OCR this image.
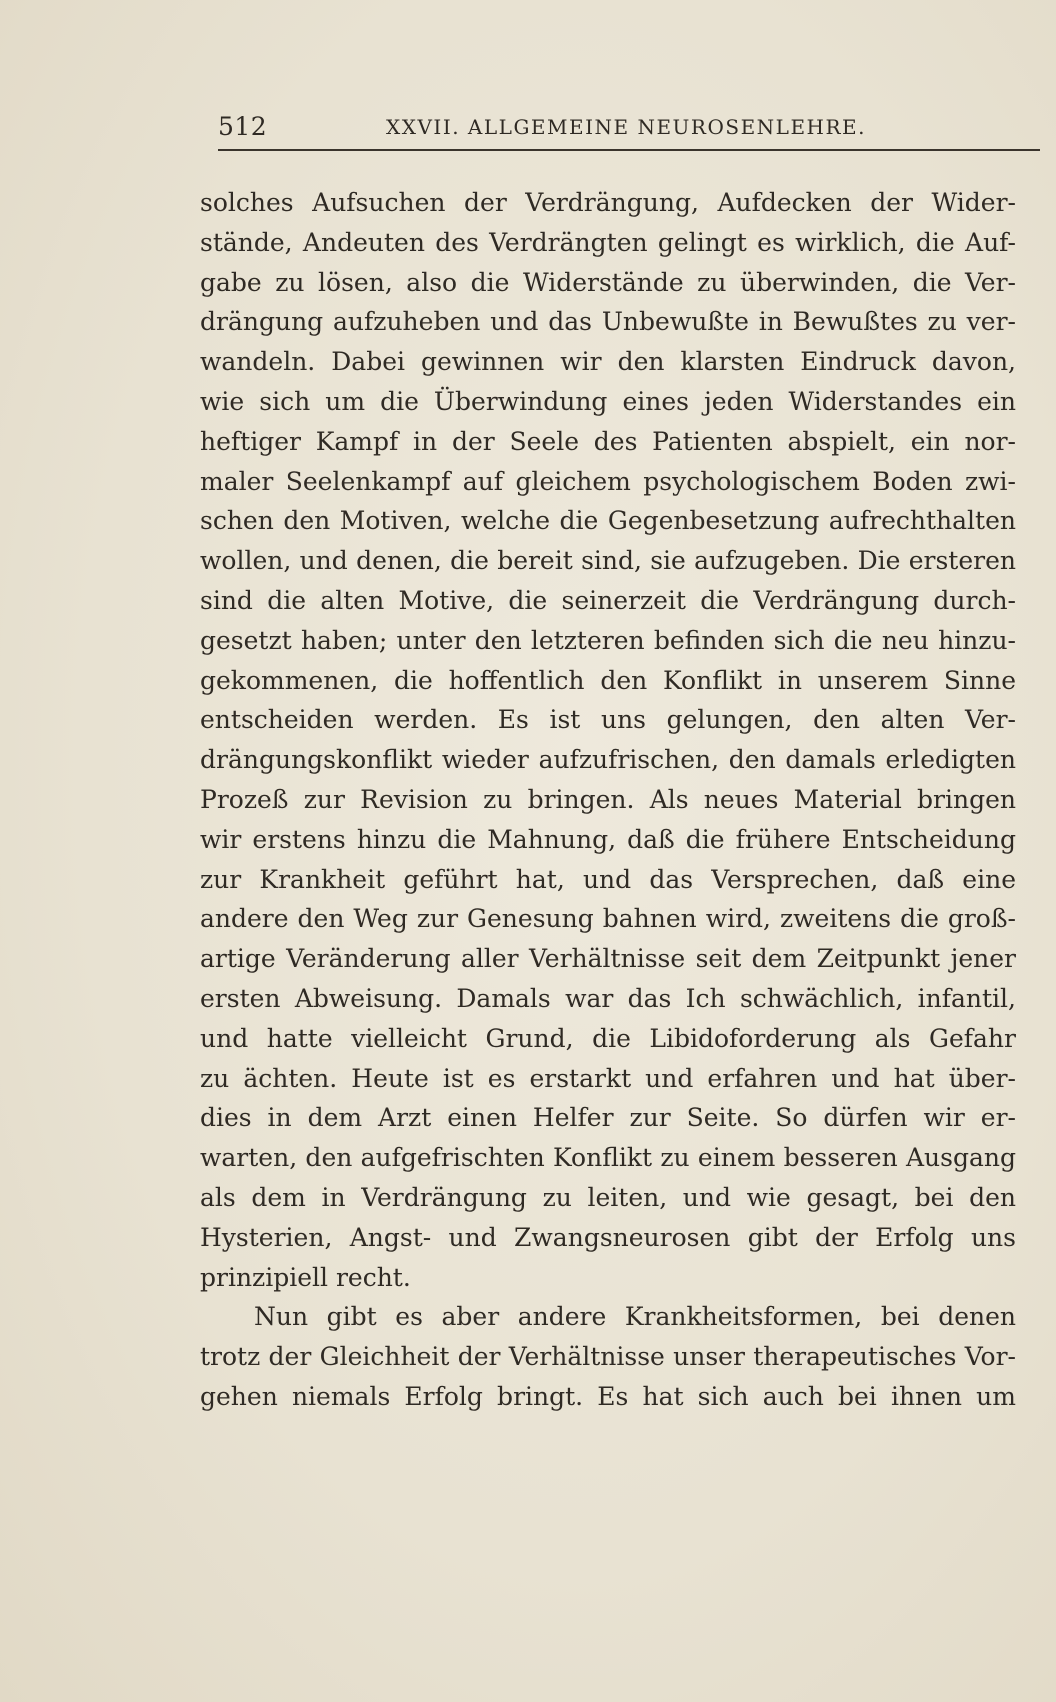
512	XXVII. ALLGEMEINE NEUROSENLEHRE.
solches Aufsuchen der Verdrängung, Aufdecken der Wider-
stände, Andeuten des Verdrängten gelingt es wirklich, die Auf-
gabe zu lösen, also die Widerstände zu überwinden, die Ver-
drängung aufzuheben und das Unbewußte in Bewußtes zu ver-
wandeln. Dabei gewinnen wir den klarsten Eindruck davon,
wie sich um die Überwindung eines jeden Widerstandes ein
heftiger Kampf in der Seele des Patienten abspielt, ein nor-
maler Seelenkampf auf gleichem psychologischem Boden zwi-
schen den Motiven, welche die Gegenbesetzung aufrechthalten
wollen, und denen, die bereit sind, sie aufzugeben. Die ersteren
sind die alten Motive, die seinerzeit die Verdrängung durch-
gesetzt haben; unter den letzteren befinden sich die neu hinzu-
gekommenen, die hoffentlich den Konflikt in unserem Sinne
entscheiden werden. Es ist uns gelungen, den alten Ver-
drängungskonflikt wieder aufzufrischen, den damals erledigten
Prozeß zur Revision zu bringen. Als neues Material bringen
wir erstens hinzu die Mahnung, daß die frühere Entscheidung
zur Krankheit geführt hat, und das Versprechen, daß eine
andere den Weg zur Genesung bahnen wird, zweitens die groß-
artige Veränderung aller Verhältnisse seit dem Zeitpunkt jener
ersten Abweisung. Damals war das Ich schwächlich, infantil,
und hatte vielleicht Grund, die Libidoforderung als Gefahr
zu ächten. Heute ist es erstarkt und erfahren und hat über-
dies in dem Arzt einen Helfer zur Seite. So dürfen wir er-
warten, den aufgefrischten Konflikt zu einem besseren Ausgang
als dem in Verdrängung zu leiten, und wie gesagt, bei den
Hysterien, Angst- und Zwangsneurosen gibt der Erfolg uns
prinzipiell recht.
Nun gibt es aber andere Krankheitsformen, bei denen
trotz der Gleichheit der Verhältnisse unser therapeutisches Vor-
gehen niemals Erfolg bringt. Es hat sich auch bei ihnen um
